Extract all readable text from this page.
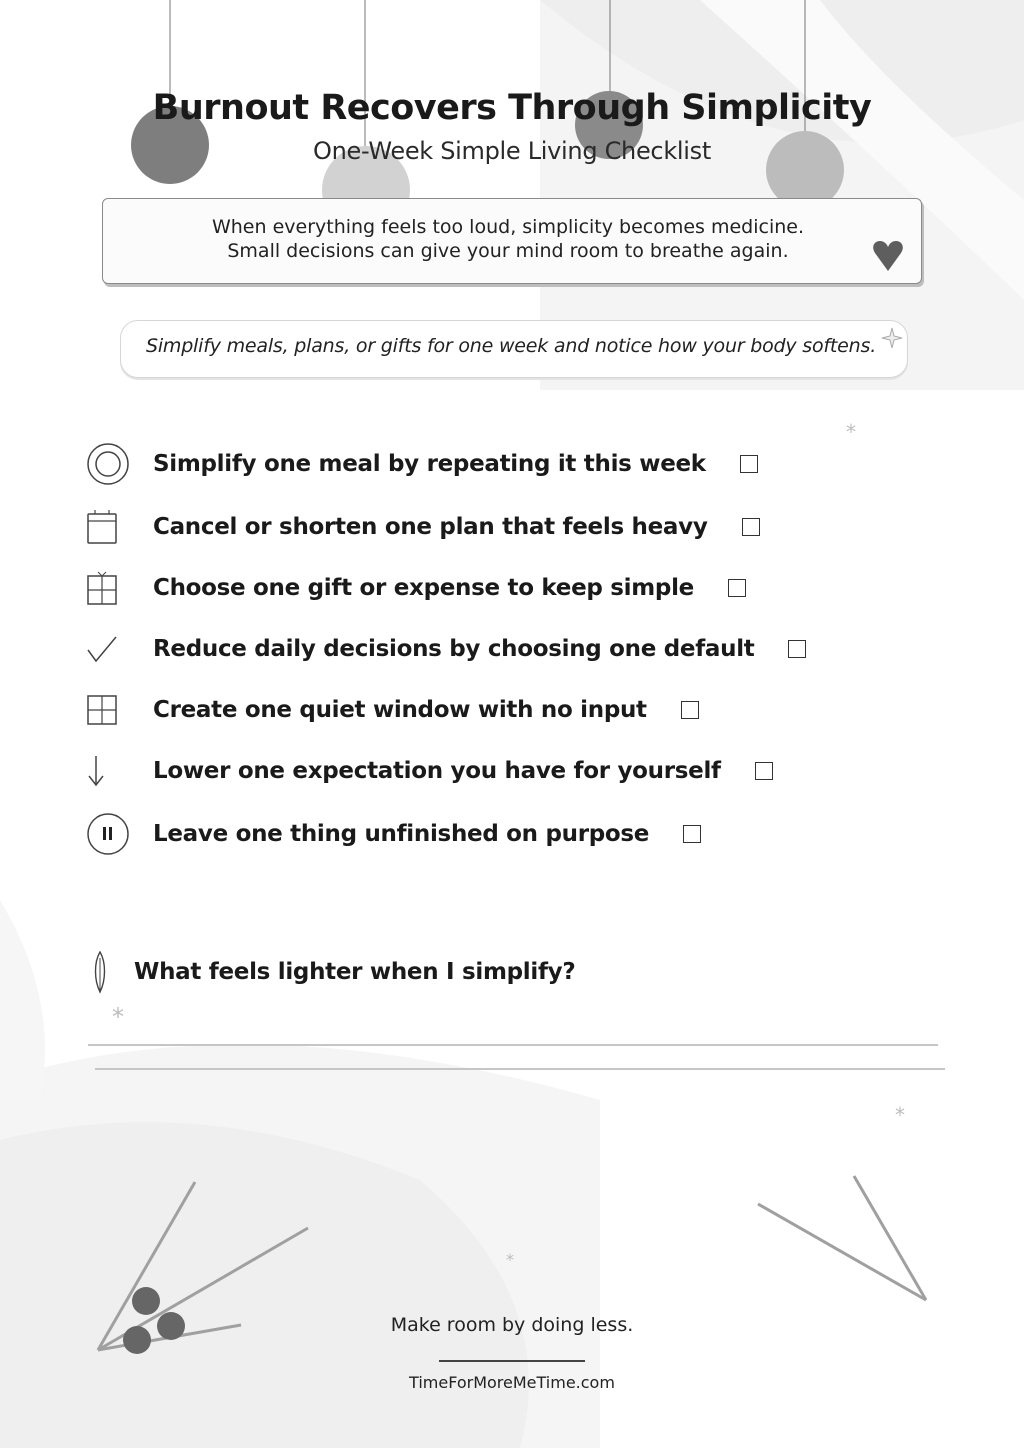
*
*
*
*
Burnout Recovers Through Simplicity
One-Week Simple Living Checklist
When everything feels too loud, simplicity becomes medicine.
Small decisions can give your mind room to breathe again.
Simplify meals, plans, or gifts for one week and notice how your body softens.
Simplify one meal by repeating it this week
Cancel or shorten one plan that feels heavy
Choose one gift or expense to keep simple
Reduce daily decisions by choosing one default
Create one quiet window with no input
Lower one expectation you have for yourself
Leave one thing unfinished on purpose
What feels lighter when I simplify?
Make room by doing less.
TimeForMoreMeTime.com
